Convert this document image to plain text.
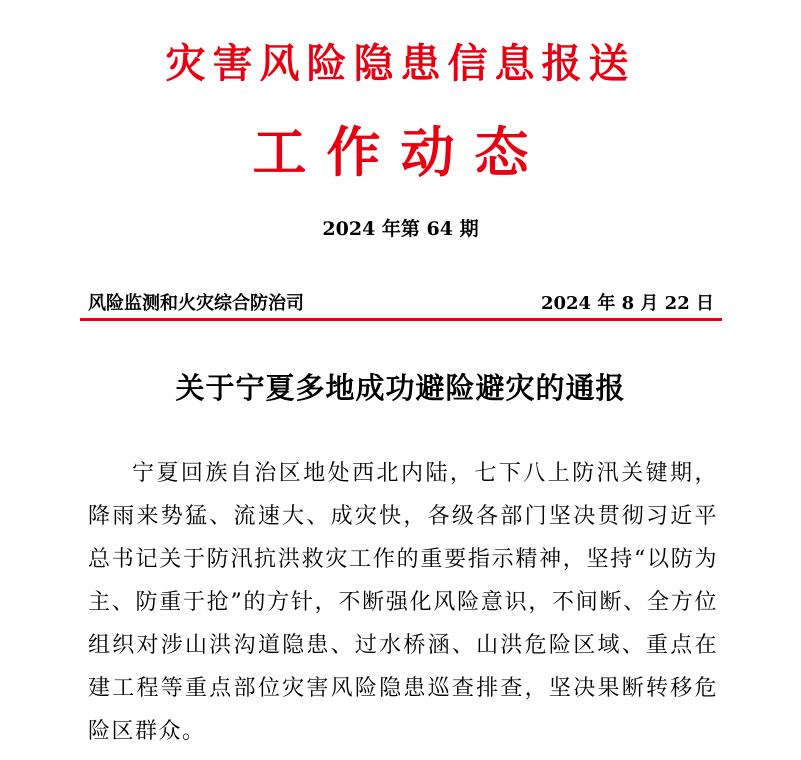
灾害风险隐患信息报送
工作动态
2024 年第 64 期
风险监测和火灾综合防治司	2024 年 8 月 22 日
关于宁夏多地成功避险避灾的通报

宁夏回族自治区地处西北内陆，七下八上防汛关键期，降雨来势猛、流速大、成灾快，各级各部门坚决贯彻习近平总书记关于防汛抗洪救灾工作的重要指示精神，坚持“以防为主、防重于抢”的方针，不断强化风险意识，不间断、全方位组织对涉山洪沟道隐患、过水桥涵、山洪危险区域、重点在建工程等重点部位灾害风险隐患巡查排查，坚决果断转移危险区群众。
